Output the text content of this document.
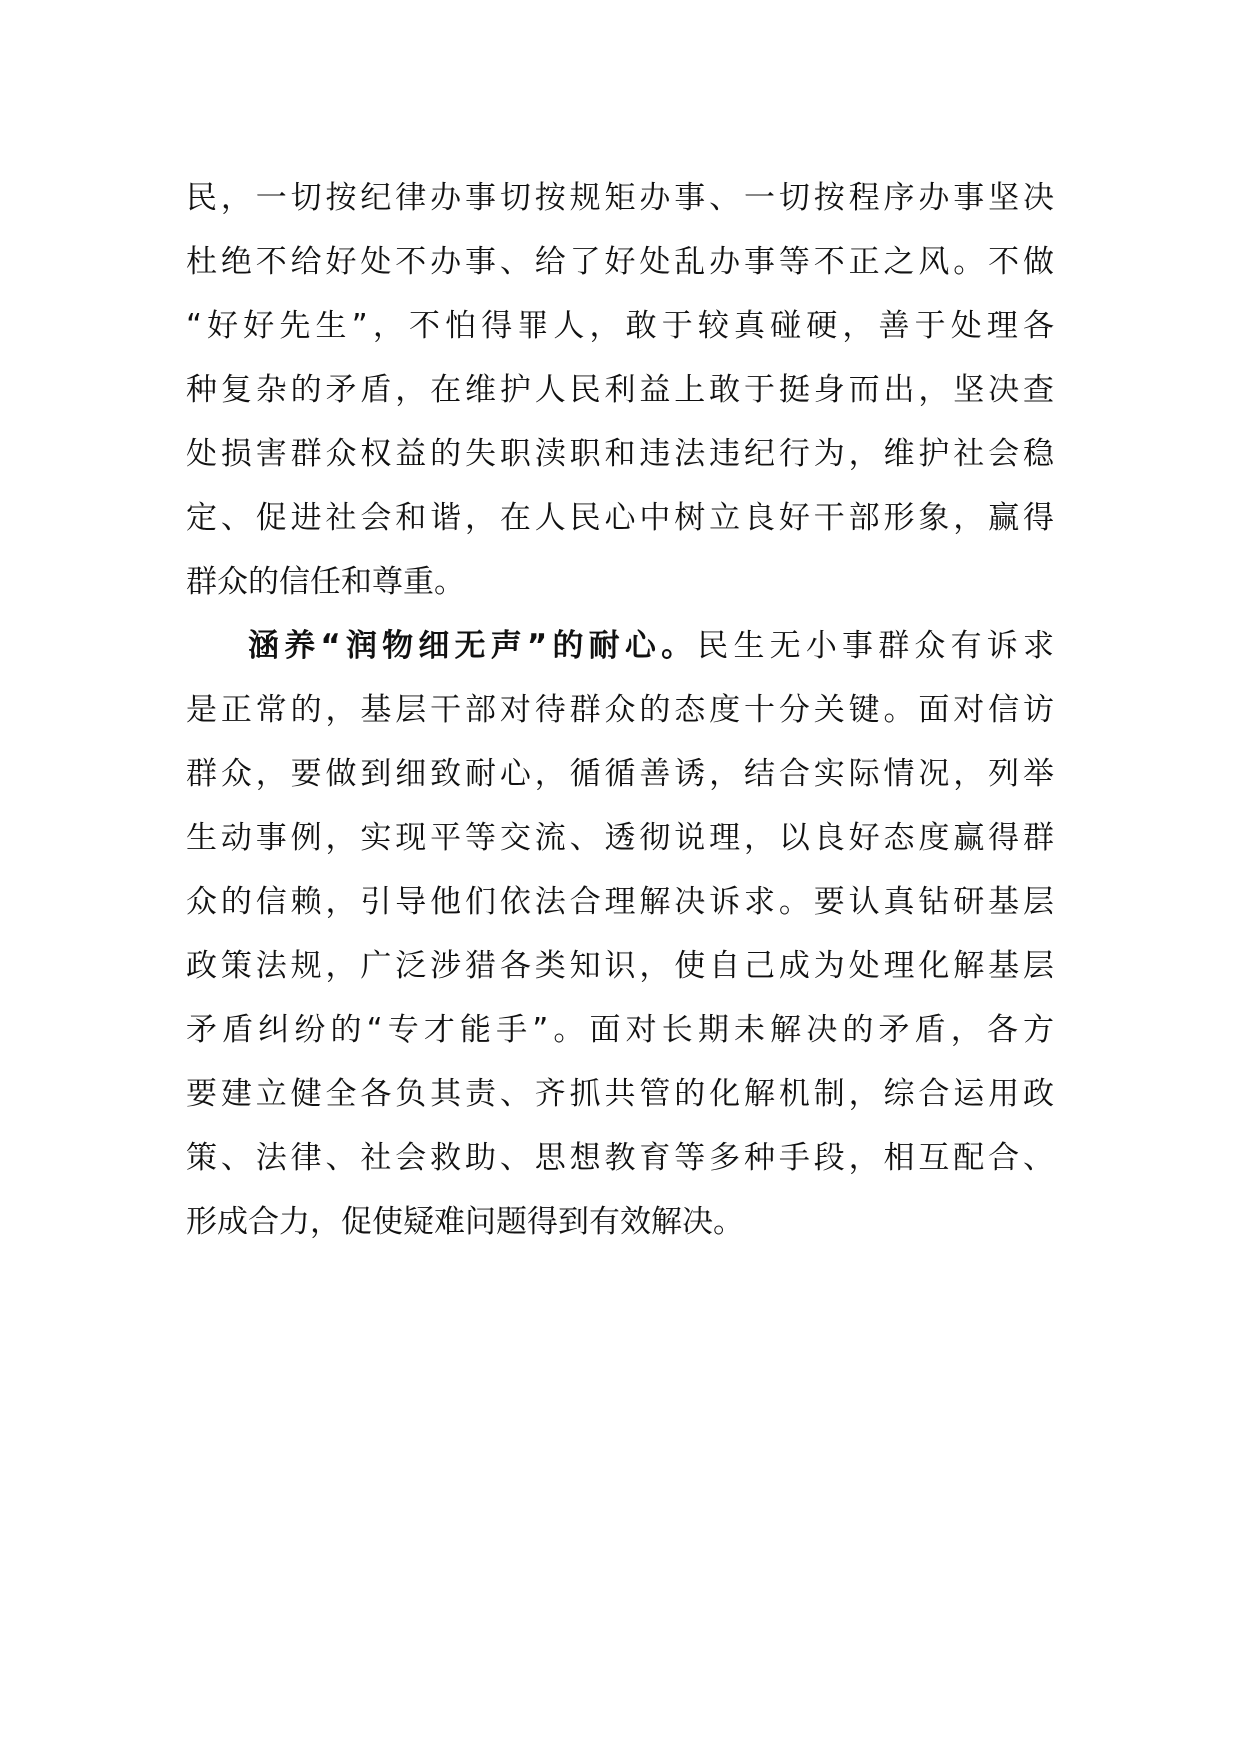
民，一切按纪律办事切按规矩办事、一切按程序办事坚决
杜绝不给好处不办事、给了好处乱办事等不正之风。不做
“好好先生”，不怕得罪人，敢于较真碰硬，善于处理各
种复杂的矛盾，在维护人民利益上敢于挺身而出，坚决查
处损害群众权益的失职渎职和违法违纪行为，维护社会稳
定、促进社会和谐，在人民心中树立良好干部形象，赢得
群众的信任和尊重。
涵养“润物细无声”的耐心。民生无小事群众有诉求
是正常的，基层干部对待群众的态度十分关键。面对信访
群众，要做到细致耐心，循循善诱，结合实际情况，列举
生动事例，实现平等交流、透彻说理，以良好态度赢得群
众的信赖，引导他们依法合理解决诉求。要认真钻研基层
政策法规，广泛涉猎各类知识，使自己成为处理化解基层
矛盾纠纷的“专才能手”。面对长期未解决的矛盾，各方
要建立健全各负其责、齐抓共管的化解机制，综合运用政
策、法律、社会救助、思想教育等多种手段，相互配合、
形成合力，促使疑难问题得到有效解决。
